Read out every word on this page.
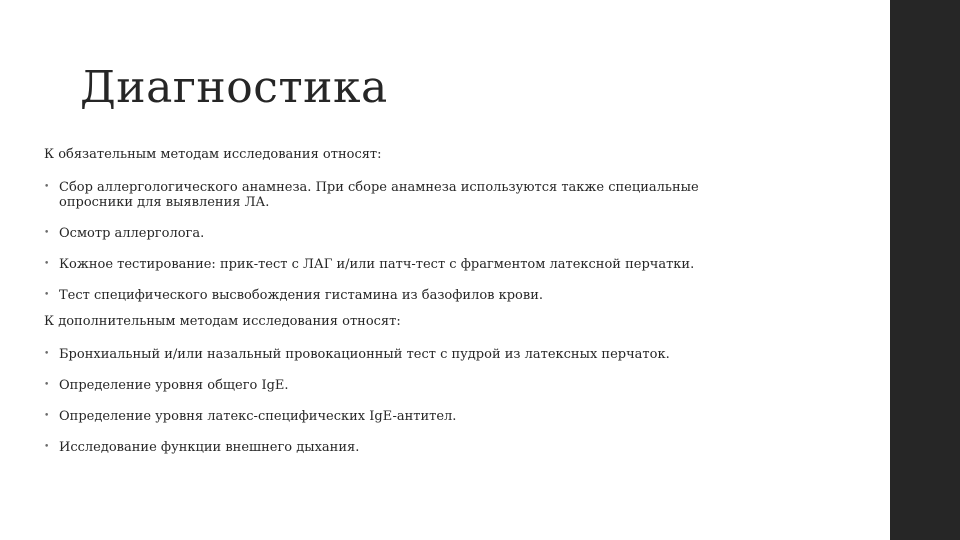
Диагностика

К обязательным методам исследования относят:

• Сбор аллергологического анамнеза. При сборе анамнеза используются также специальные
опросники для выявления ЛА.
• Осмотр аллерголога.
• Кожное тестирование: прик-тест с ЛАГ и/или патч-тест с фрагментом латексной перчатки.
• Тест специфического высвобождения гистамина из базофилов крови.

К дополнительным методам исследования относят:

• Бронхиальный и/или назальный провокационный тест с пудрой из латексных перчаток.
• Определение уровня общего IgE.
• Определение уровня латекс-специфических IgE-антител.
• Исследование функции внешнего дыхания.
